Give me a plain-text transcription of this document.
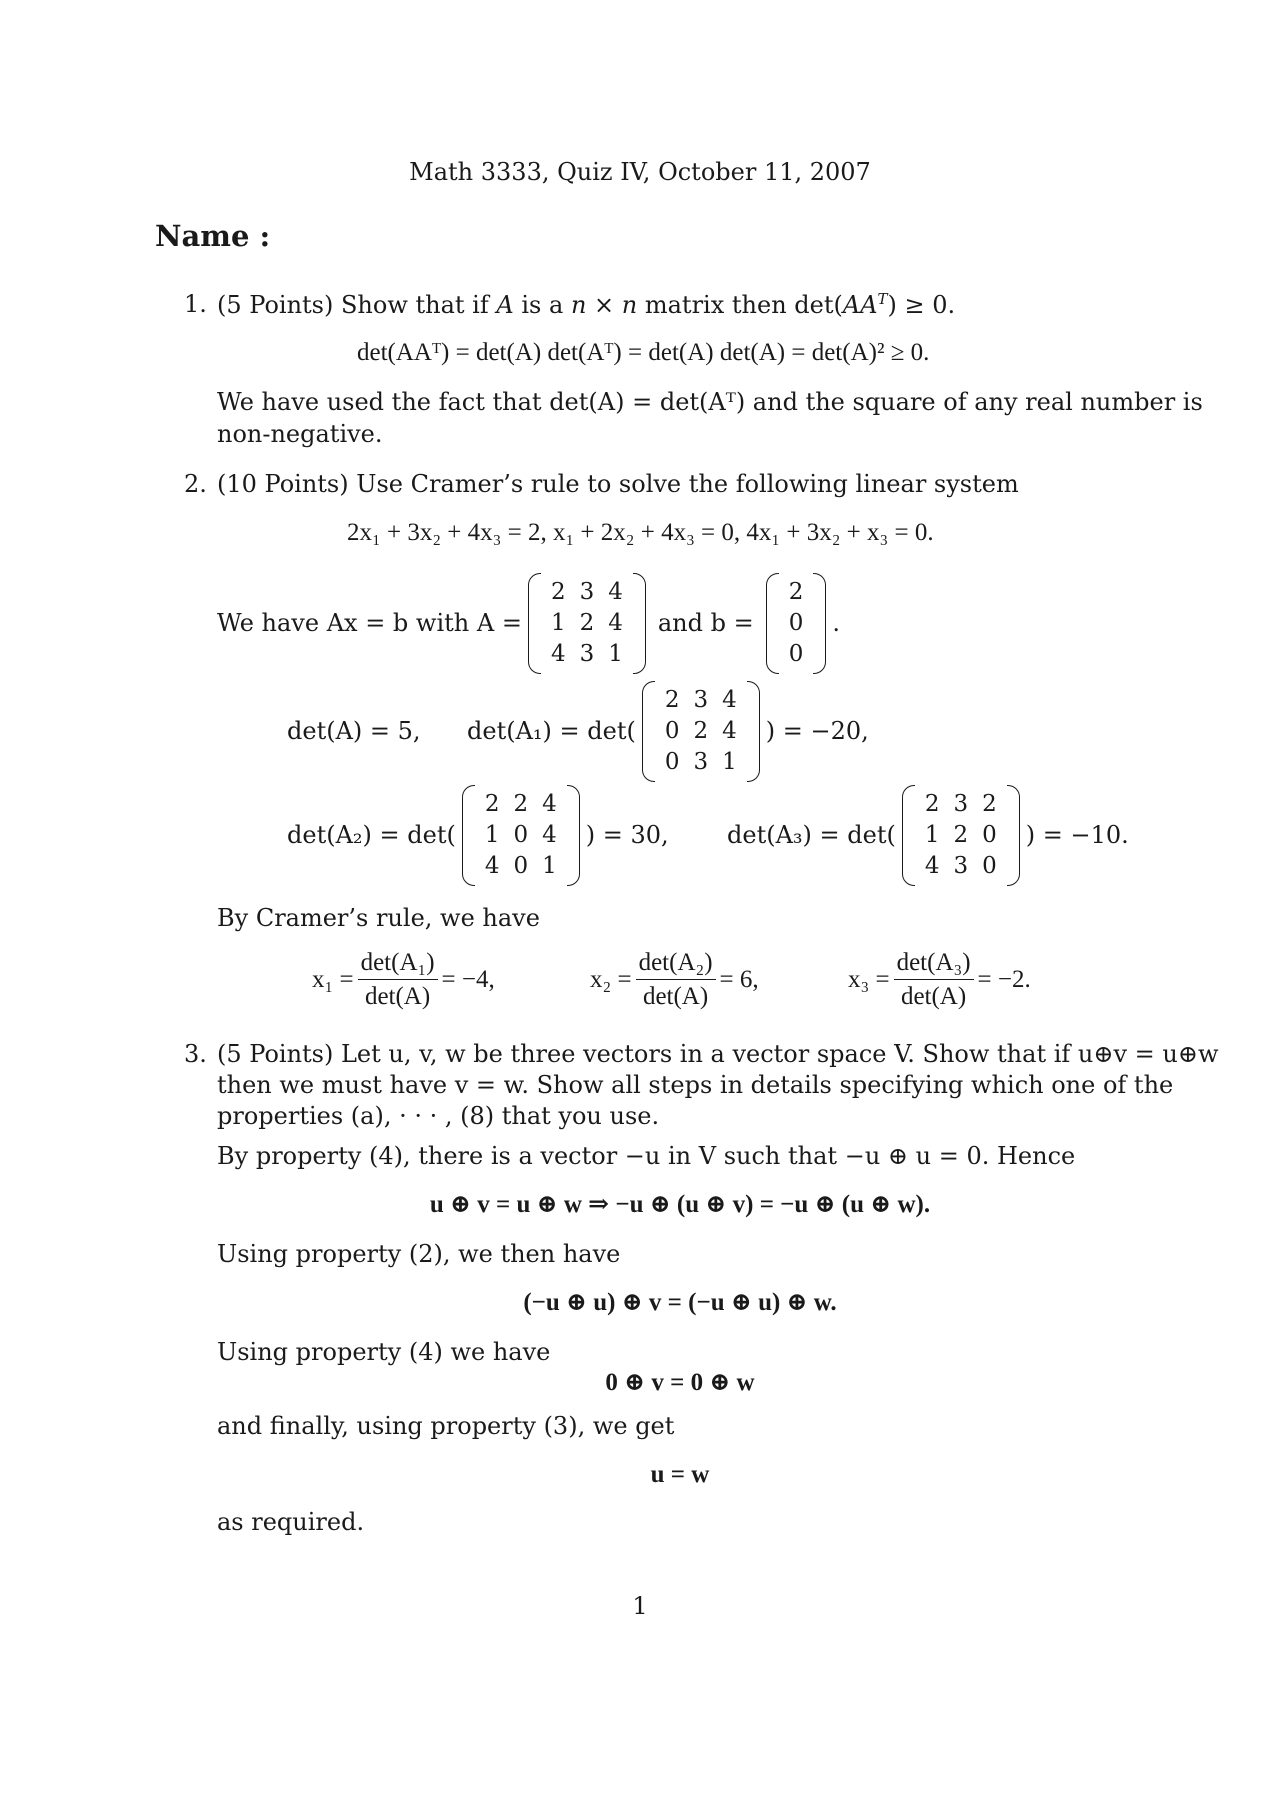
Math 3333, Quiz IV, October 11, 2007
Name :
1. (5 Points) Show that if A is a n × n matrix then $\det(AA^T) \ge 0$.
det(AAᵀ) = det(A) det(Aᵀ) = det(A) det(A) = det(A)² ≥ 0.
We have used the fact that det(A) = det(Aᵀ) and the square of any real number is
non-negative.
2. (10 Points) Use Cramer’s rule to solve the following linear system
2x₁ + 3x₂ + 4x₃ = 2, x₁ + 2x₂ + 4x₃ = 0, 4x₁ + 3x₂ + x₃ = 0.
We have Ax = b with A =
2	3	4
1	2	4
4	3	1
and b =
2
0
0
.
det(A) = 5, det(A₁) = det(
2	3	4
0	2	4
0	3	1
) = −20,
det(A₂) = det(
2	2	4
1	0	4
4	0	1
) = 30, det(A₃) = det(
2	3	2
1	2	0
4	3	0
) = −10.
By Cramer’s rule, we have
$x_1 = \frac{\text{det(A₁)}}{\det(A)} = -4$,	$x_2 = \frac{\text{det(A₂)}}{\det(A)} = 6$,	$x_3 = \frac{\text{det(A₃)}}{\det(A)} = -2$.
3. (5 Points) Let u, v, w be three vectors in a vector space V. Show that if u⊕v = u⊕w
then we must have v = w. Show all steps in details specifying which one of the
properties (a), · · · , (8) that you use.
By property (4), there is a vector −u in V such that −u ⊕ u = 0. Hence
u ⊕ v = u ⊕ w ⇒ −u ⊕ (u ⊕ v) = −u ⊕ (u ⊕ w).
Using property (2), we then have
(−u ⊕ u) ⊕ v = (−u ⊕ u) ⊕ w.
Using property (4) we have
0 ⊕ v = 0 ⊕ w
and finally, using property (3), we get
u = w
as required.
1
